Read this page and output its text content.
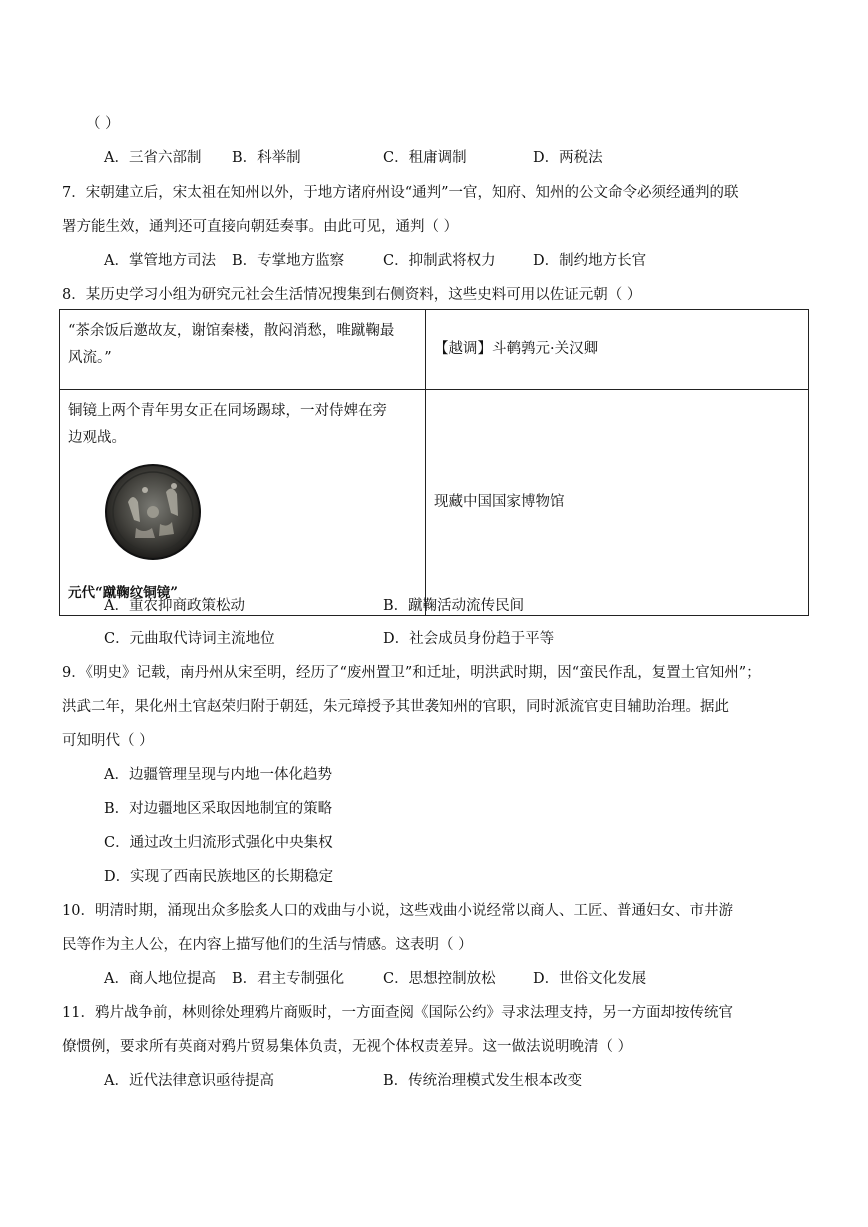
（ ）
A．三省六部制 B．科举制	C．租庸调制	D．两税法
7．宋朝建立后，宋太祖在知州以外，于地方诸府州设“通判”一官，知府、知州的公文命令必须经通判的联
署方能生效，通判还可直接向朝廷奏事。由此可见，通判（ ）
A．掌管地方司法 B．专掌地方监察	C．抑制武将权力	D．制约地方长官
8．某历史学习小组为研究元社会生活情况搜集到右侧资料，这些史料可用以佐证元朝（ ）
“茶余饭后邀故友，谢馆秦楼，散闷消愁，唯蹴鞠最
风流。”	【越调】斗鹌鹑元·关汉卿

铜镜上两个青年男女正在同场踢球，一对侍婢在旁
边观战。
元代“蹴鞠纹铜镜”	现藏中国国家博物馆
A．重农抑商政策松动	B．蹴鞠活动流传民间
C．元曲取代诗词主流地位	D．社会成员身份趋于平等
9．《明史》记载，南丹州从宋至明，经历了“废州置卫”和迁址，明洪武时期，因“蛮民作乱，复置土官知州”；
洪武二年，果化州土官赵荣归附于朝廷，朱元璋授予其世袭知州的官职，同时派流官吏目辅助治理。据此
可知明代（ ）
A．边疆管理呈现与内地一体化趋势
B．对边疆地区采取因地制宜的策略
C．通过改土归流形式强化中央集权
D．实现了西南民族地区的长期稳定
10．明清时期，涌现出众多脍炙人口的戏曲与小说，这些戏曲小说经常以商人、工匠、普通妇女、市井游
民等作为主人公，在内容上描写他们的生活与情感。这表明（ ）
A．商人地位提高 B．君主专制强化	C．思想控制放松	D．世俗文化发展
11．鸦片战争前，林则徐处理鸦片商贩时，一方面查阅《国际公约》寻求法理支持，另一方面却按传统官
僚惯例，要求所有英商对鸦片贸易集体负责，无视个体权责差异。这一做法说明晚清（ ）
A．近代法律意识亟待提高	B．传统治理模式发生根本改变
